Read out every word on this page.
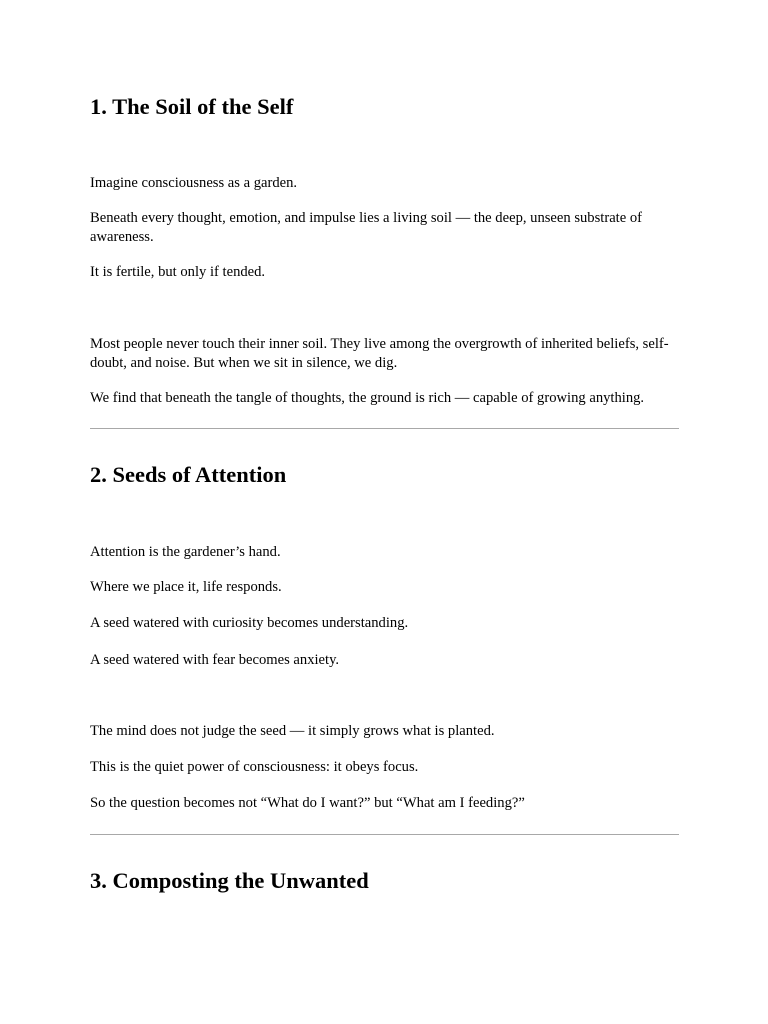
1. The Soil of the Self

Imagine consciousness as a garden.

Beneath every thought, emotion, and impulse lies a living soil — the deep, unseen substrate of awareness.

It is fertile, but only if tended.

Most people never touch their inner soil. They live among the overgrowth of inherited beliefs, self-doubt, and noise. But when we sit in silence, we dig.

We find that beneath the tangle of thoughts, the ground is rich — capable of growing anything.

2. Seeds of Attention

Attention is the gardener’s hand.

Where we place it, life responds.

A seed watered with curiosity becomes understanding.

A seed watered with fear becomes anxiety.

The mind does not judge the seed — it simply grows what is planted.

This is the quiet power of consciousness: it obeys focus.

So the question becomes not “What do I want?” but “What am I feeding?”

3. Composting the Unwanted
